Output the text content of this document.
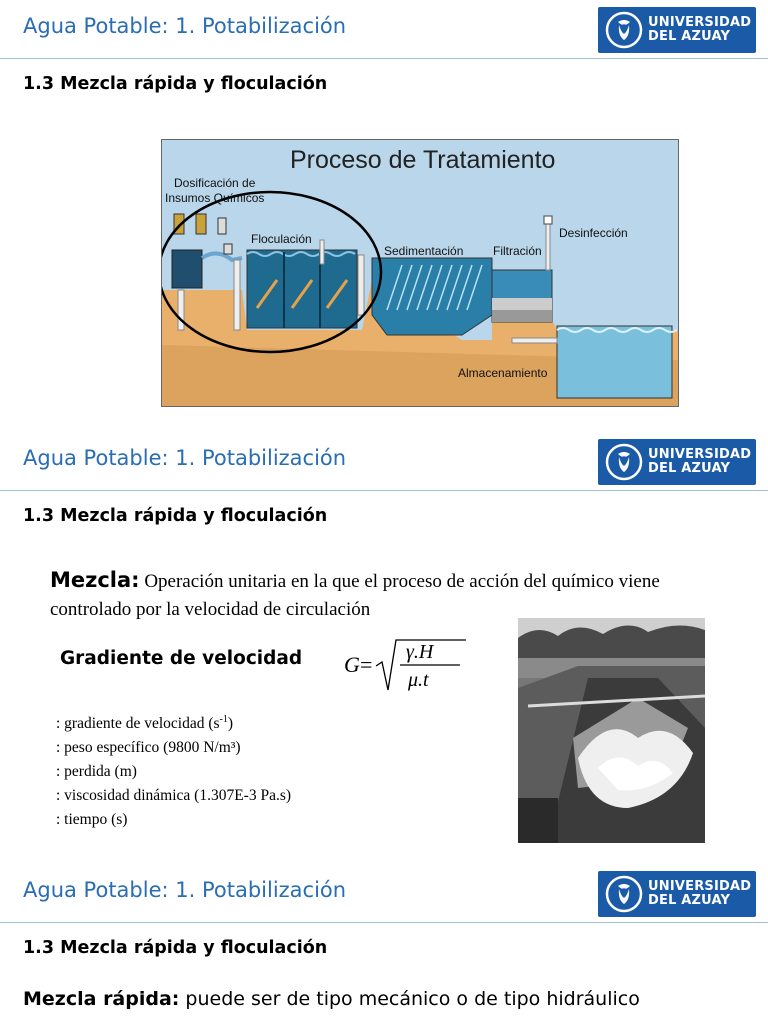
Agua Potable: 1. Potabilización	UNIVERSIDAD
DEL AZUAY
1.3 Mezcla rápida y floculación
Proceso de Tratamiento
Dosificación de
Insumos Químicos
Floculación
Sedimentación Filtración
Desinfección
Almacenamiento
Agua Potable: 1. Potabilización	UNIVERSIDAD
DEL AZUAY
1.3 Mezcla rápida y floculación
Mezcla: Operación unitaria en la que el proceso de acción del químico viene controlado por la velocidad de circulación
Gradiente de velocidad G = γ.H
μ.t
: gradiente de velocidad $(s^{-1})$
: peso específico (9800 N/m³)
: perdida (m)
: viscosidad dinámica (1.307E-3 Pa.s)
: tiempo (s)
Agua Potable: 1. Potabilización	UNIVERSIDAD
DEL AZUAY
1.3 Mezcla rápida y floculación
Mezcla rápida: puede ser de tipo mecánico o de tipo hidráulico
